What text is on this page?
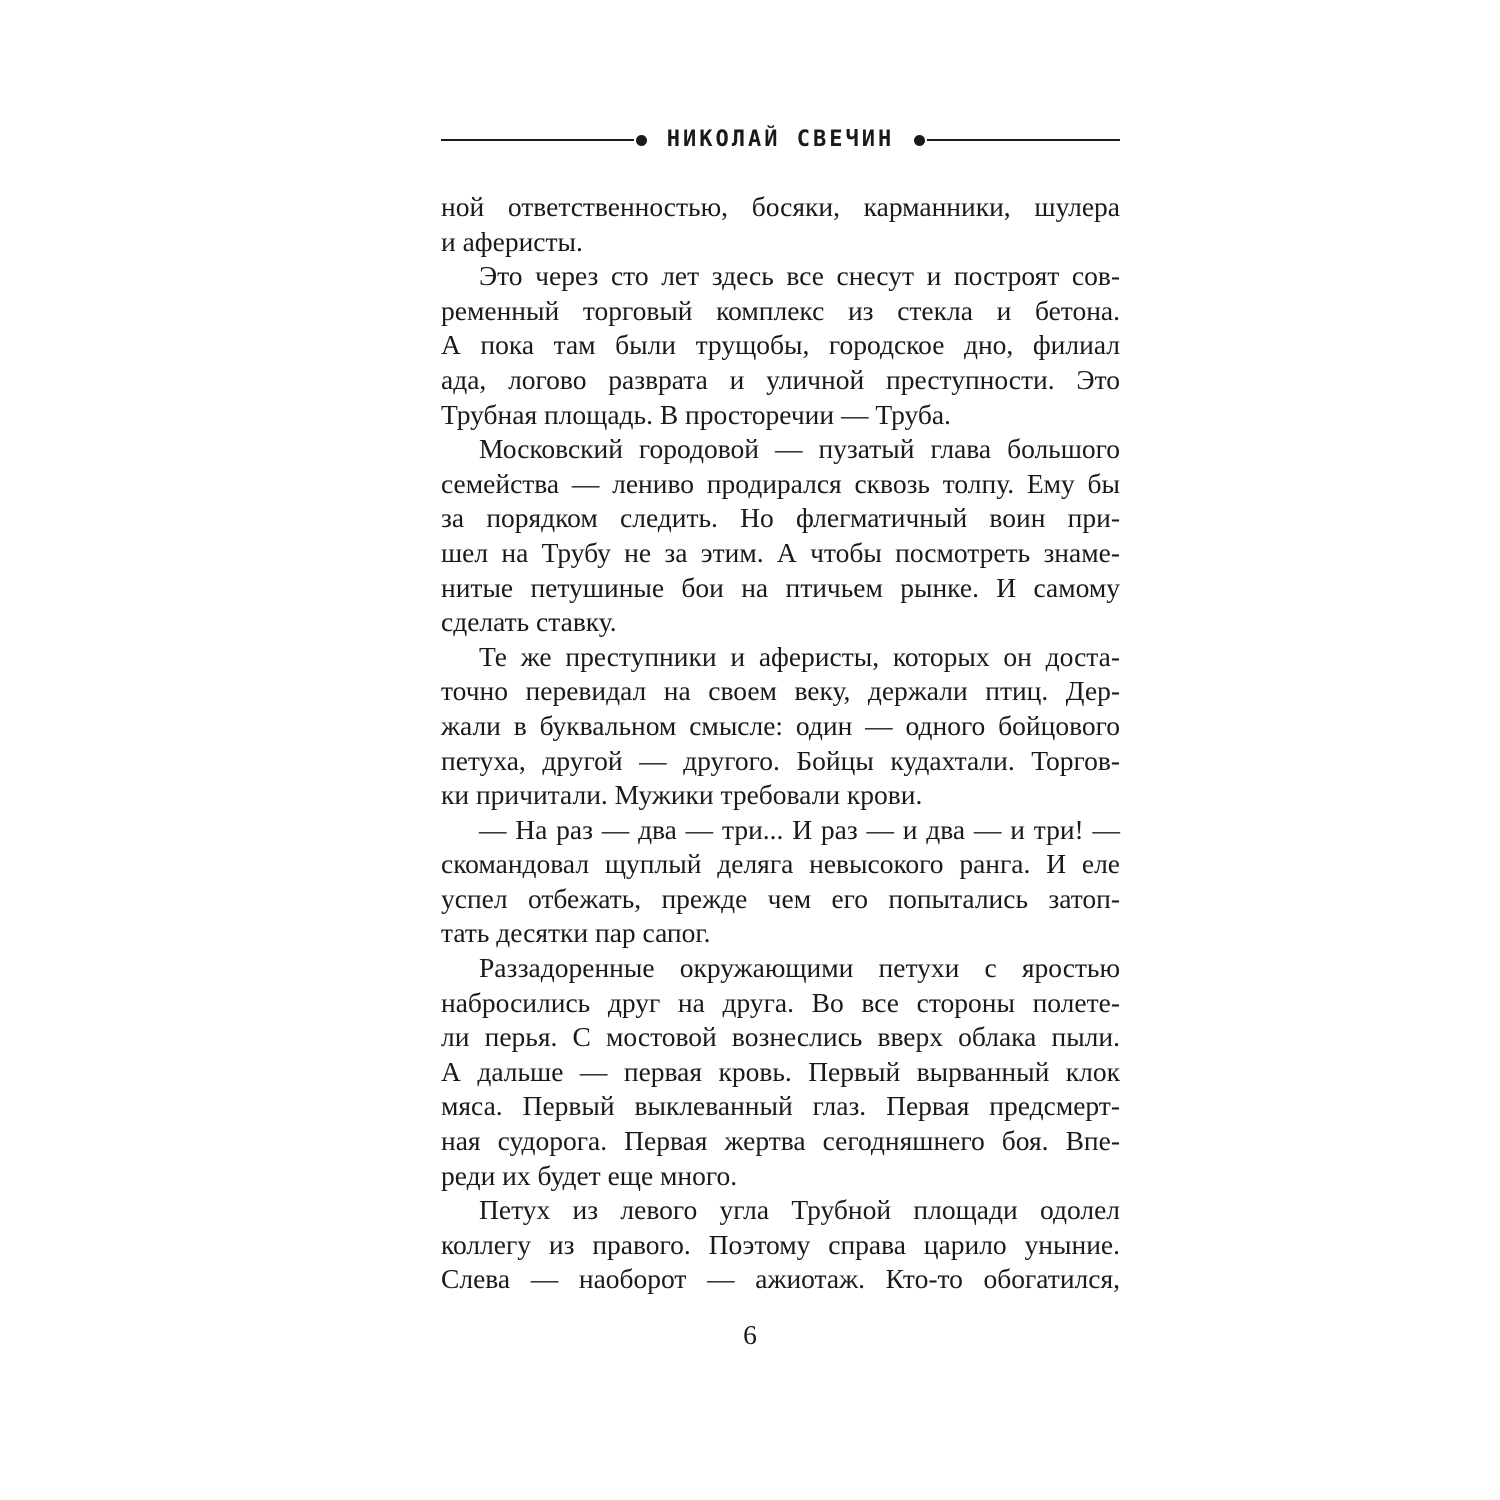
НИКОЛАЙ СВЕЧИН
ной ответственностью, босяки, карманники, шулера
и аферисты.
Это через сто лет здесь все снесут и построят сов-
ременный торговый комплекс из стекла и бетона.
А пока там были трущобы, городское дно, филиал
ада, логово разврата и уличной преступности. Это
Трубная площадь. В просторечии — Труба.
Московский городовой — пузатый глава большого
семейства — лениво продирался сквозь толпу. Ему бы
за порядком следить. Но флегматичный воин при-
шел на Трубу не за этим. А чтобы посмотреть знаме-
нитые петушиные бои на птичьем рынке. И самому
сделать ставку.
Те же преступники и аферисты, которых он доста-
точно перевидал на своем веку, держали птиц. Дер-
жали в буквальном смысле: один — одного бойцового
петуха, другой — другого. Бойцы кудахтали. Торгов-
ки причитали. Мужики требовали крови.
— На раз — два — три... И раз — и два — и три! —
скомандовал щуплый деляга невысокого ранга. И еле
успел отбежать, прежде чем его попытались затоп-
тать десятки пар сапог.
Раззадоренные окружающими петухи с яростью
набросились друг на друга. Во все стороны полете-
ли перья. С мостовой вознеслись вверх облака пыли.
А дальше — первая кровь. Первый вырванный клок
мяса. Первый выклеванный глаз. Первая предсмерт-
ная судорога. Первая жертва сегодняшнего боя. Впе-
реди их будет еще много.
Петух из левого угла Трубной площади одолел
коллегу из правого. Поэтому справа царило уныние.
Слева — наоборот — ажиотаж. Кто-то обогатился,
6
